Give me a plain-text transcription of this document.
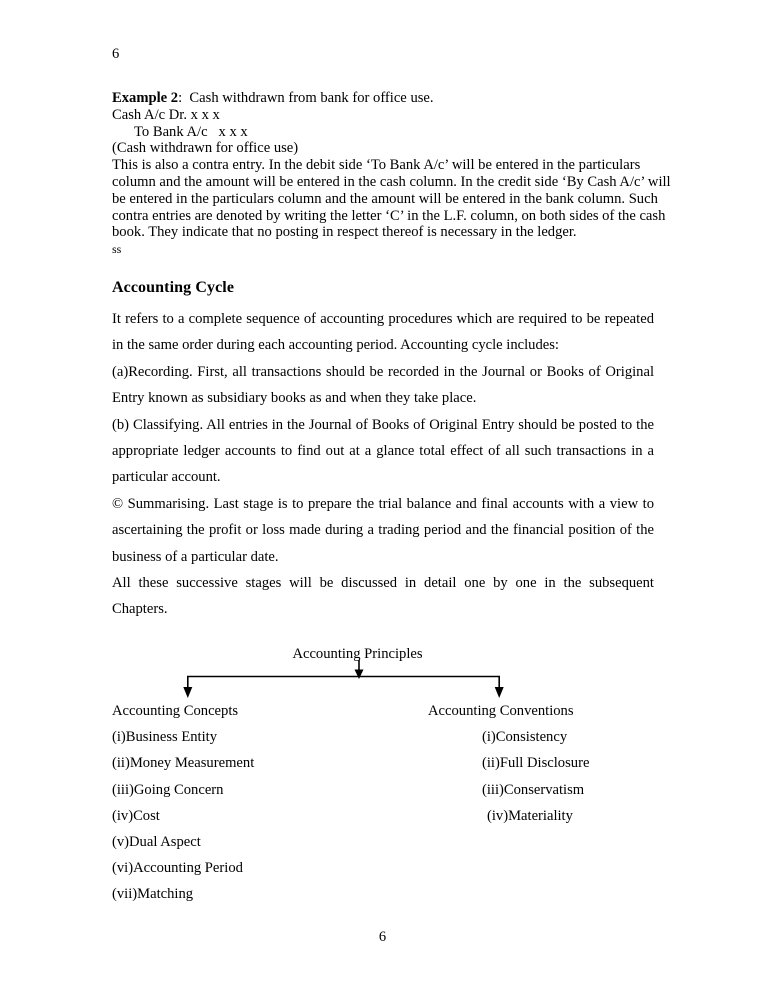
6
Example 2:  Cash withdrawn from bank for office use.
Cash A/c Dr. x x x
To Bank A/c   x x x
(Cash withdrawn for office use)
This is also a contra entry. In the debit side ‘To Bank A/c’ will be entered in the particulars column and the amount will be entered in the cash column. In the credit side ‘By Cash A/c’ will be entered in the particulars column and the amount will be entered in the bank column. Such contra entries are denoted by writing the letter ‘C’ in the L.F. column, on both sides of the cash book. They indicate that no posting in respect thereof is necessary in the ledger.
ss
Accounting Cycle

It refers to a complete sequence of accounting procedures which are required to be repeated in the same order during each accounting period. Accounting cycle includes:

(a)Recording. First, all transactions should be recorded in the Journal or Books of Original Entry known as subsidiary books as and when they take place.

(b) Classifying. All entries in the Journal of Books of Original Entry should be posted to the appropriate ledger accounts to find out at a glance total effect of all such transactions in a particular account.

© Summarising. Last stage is to prepare the trial balance and final accounts with a view to ascertaining the profit or loss made during a trading period and the financial position of the business of a particular date.

All these successive stages will be discussed in detail one by one in the subsequent Chapters.

Accounting Principles
Accounting Concepts
(i)Business Entity
(ii)Money Measurement
(iii)Going Concern
(iv)Cost
(v)Dual Aspect
(vi)Accounting Period
(vii)Matching
Accounting Conventions
(i)Consistency
(ii)Full Disclosure
(iii)Conservatism
(iv)Materiality
6
